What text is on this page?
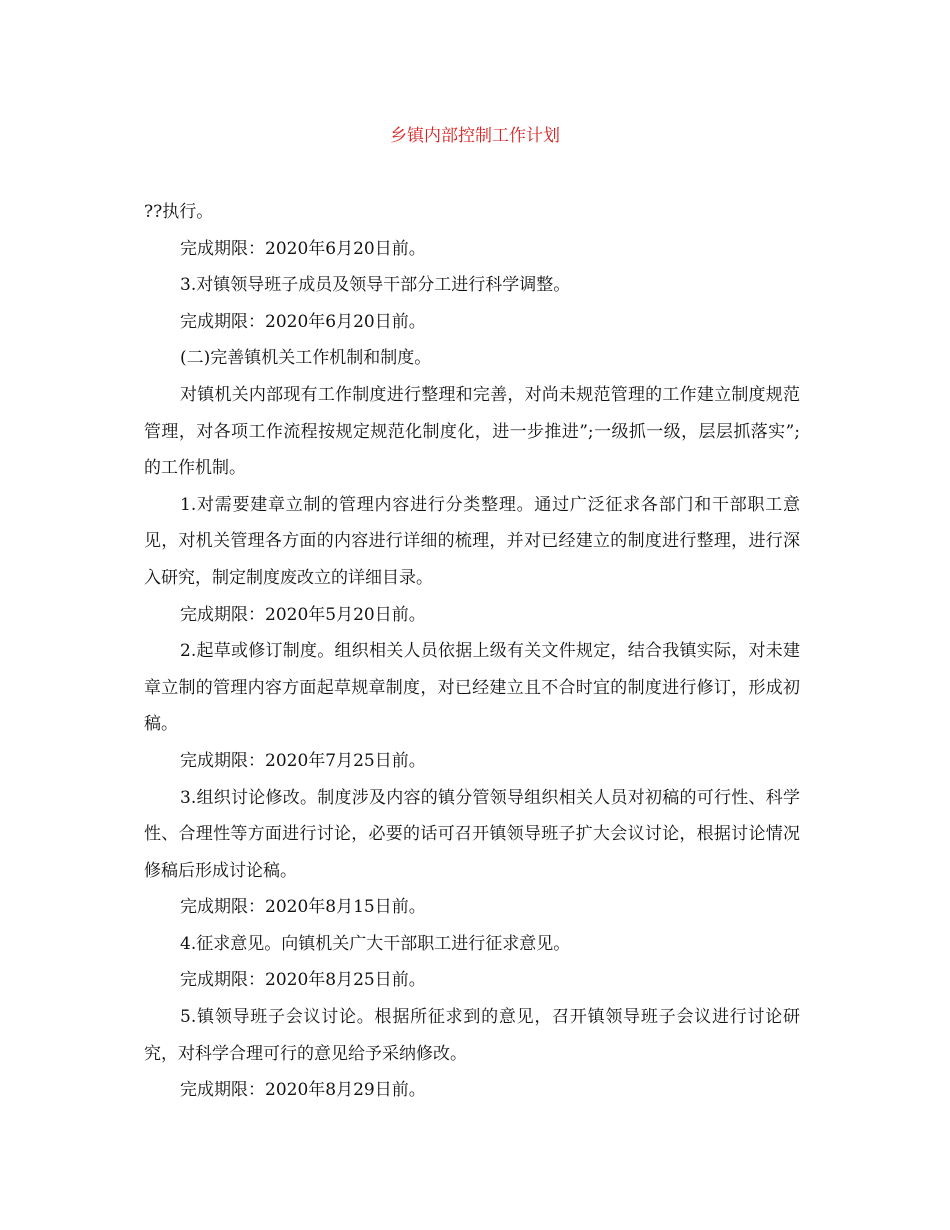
乡镇内部控制工作计划

??执行。

完成期限：2020年6月20日前。

3.对镇领导班子成员及领导干部分工进行科学调整。

完成期限：2020年6月20日前。

(二)完善镇机关工作机制和制度。

对镇机关内部现有工作制度进行整理和完善，对尚未规范管理的工作建立制度规范管理，对各项工作流程按规定规范化制度化，进一步推进”;一级抓一级，层层抓落实”;的工作机制。

1.对需要建章立制的管理内容进行分类整理。通过广泛征求各部门和干部职工意见，对机关管理各方面的内容进行详细的梳理，并对已经建立的制度进行整理，进行深入研究，制定制度废改立的详细目录。

完成期限：2020年5月20日前。

2.起草或修订制度。组织相关人员依据上级有关文件规定，结合我镇实际，对未建章立制的管理内容方面起草规章制度，对已经建立且不合时宜的制度进行修订，形成初稿。

完成期限：2020年7月25日前。

3.组织讨论修改。制度涉及内容的镇分管领导组织相关人员对初稿的可行性、科学性、合理性等方面进行讨论，必要的话可召开镇领导班子扩大会议讨论，根据讨论情况修稿后形成讨论稿。

完成期限：2020年8月15日前。

4.征求意见。向镇机关广大干部职工进行征求意见。

完成期限：2020年8月25日前。

5.镇领导班子会议讨论。根据所征求到的意见，召开镇领导班子会议进行讨论研究，对科学合理可行的意见给予采纳修改。

完成期限：2020年8月29日前。
